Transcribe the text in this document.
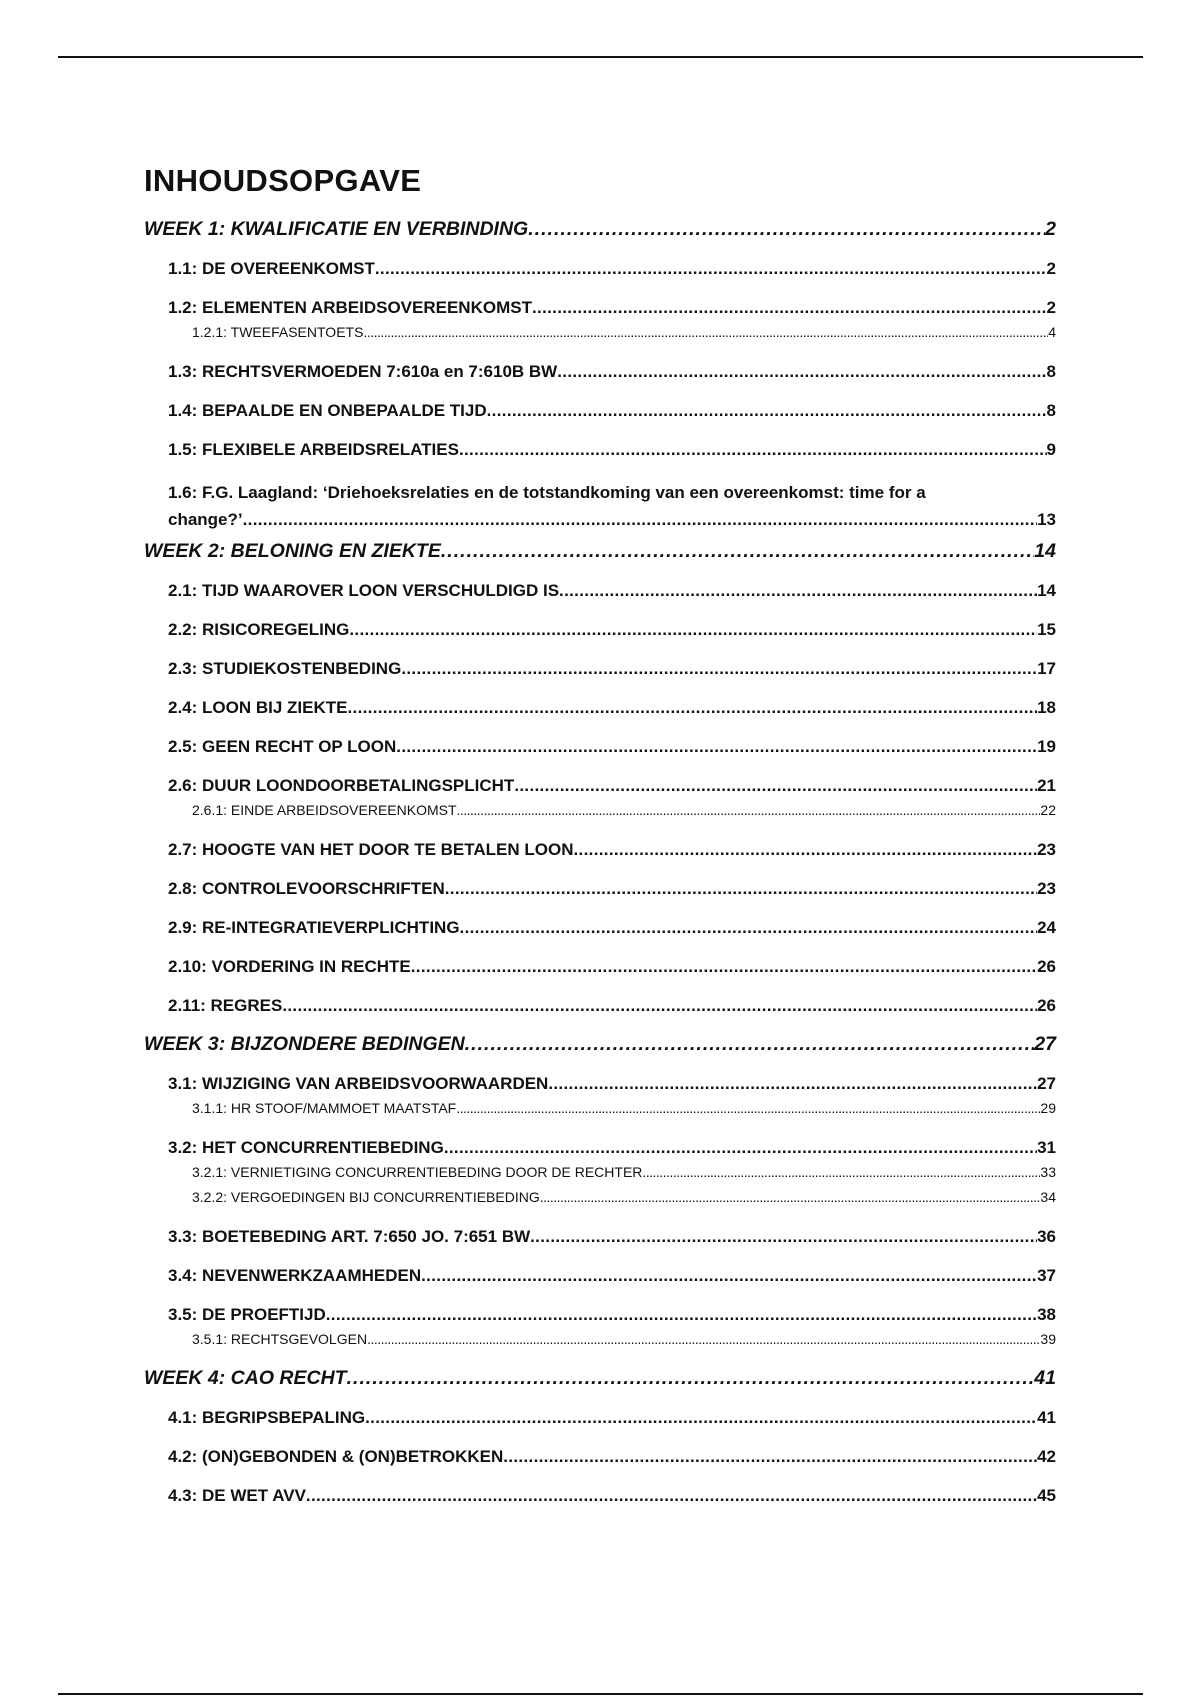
INHOUDSOPGAVE
WEEK 1: KWALIFICATIE EN VERBINDING . . .	2
1.1: DE OVEREENKOMST . . .	2
1.2: ELEMENTEN ARBEIDSOVEREENKOMST . . .	2
1.2.1: TWEEFASENTOETS . . .	4
1.3: RECHTSVERMOEDEN 7:610a en 7:610B BW . . .	8
1.4: BEPAALDE EN ONBEPAALDE TIJD . . .	8
1.5: FLEXIBELE ARBEIDSRELATIES . . .	9
1.6: F.G. Laagland: ‘Driehoeksrelaties en de totstandkoming van een overeenkomst: time for a
change?’ . . .	13
WEEK 2: BELONING EN ZIEKTE . . .	14
2.1: TIJD WAAROVER LOON VERSCHULDIGD IS . . .	14
2.2: RISICOREGELING . . .	15
2.3: STUDIEKOSTENBEDING . . .	17
2.4: LOON BIJ ZIEKTE . . .	18
2.5: GEEN RECHT OP LOON . . .	19
2.6: DUUR LOONDOORBETALINGSPLICHT . . .	21
2.6.1: EINDE ARBEIDSOVEREENKOMST . . .	22
2.7: HOOGTE VAN HET DOOR TE BETALEN LOON . . .	23
2.8: CONTROLEVOORSCHRIFTEN . . .	23
2.9: RE-INTEGRATIEVERPLICHTING . . .	24
2.10: VORDERING IN RECHTE . . .	26
2.11: REGRES . . .	26
WEEK 3: BIJZONDERE BEDINGEN . . .	27
3.1: WIJZIGING VAN ARBEIDSVOORWAARDEN . . .	27
3.1.1: HR STOOF/MAMMOET MAATSTAF . . .	29
3.2: HET CONCURRENTIEBEDING . . .	31
3.2.1: VERNIETIGING CONCURRENTIEBEDING DOOR DE RECHTER . . .	33
3.2.2: VERGOEDINGEN BIJ CONCURRENTIEBEDING . . .	34
3.3: BOETEBEDING ART. 7:650 JO. 7:651 BW . . .	36
3.4: NEVENWERKZAAMHEDEN . . .	37
3.5: DE PROEFTIJD . . .	38
3.5.1: RECHTSGEVOLGEN . . .	39
WEEK 4: CAO RECHT . . .	41
4.1: BEGRIPSBEPALING . . .	41
4.2: (ON)GEBONDEN & (ON)BETROKKEN . . .	42
4.3: DE WET AVV . . .	45
